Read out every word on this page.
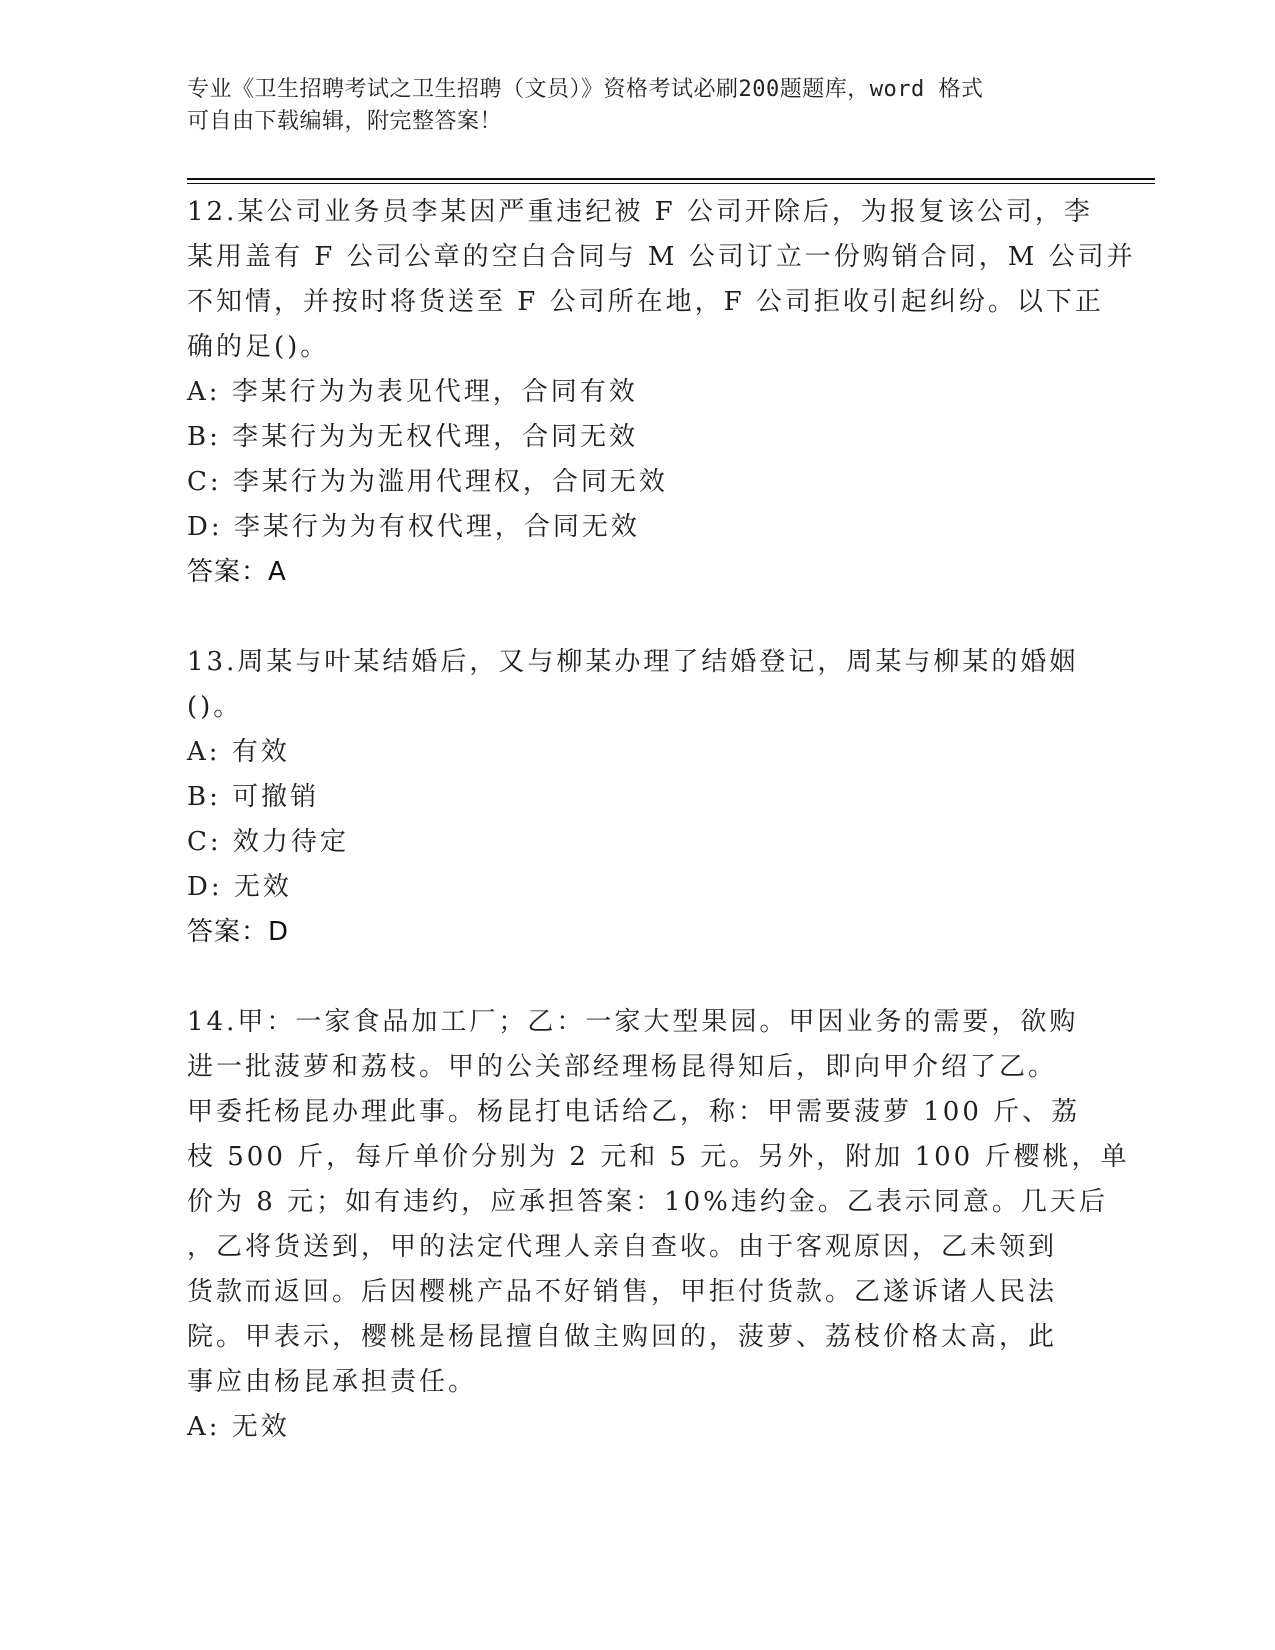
专业《卫生招聘考试之卫生招聘（文员）》资格考试必刷200题题库，word 格式
可自由下载编辑，附完整答案！
12.某公司业务员李某因严重违纪被 F 公司开除后，为报复该公司，李
某用盖有 F 公司公章的空白合同与 M 公司订立一份购销合同，M 公司并
不知情，并按时将货送至 F 公司所在地，F 公司拒收引起纠纷。以下正
确的足()。
A: 李某行为为表见代理，合同有效
B: 李某行为为无权代理，合同无效
C: 李某行为为滥用代理权，合同无效
D: 李某行为为有权代理，合同无效
答案：A
13.周某与叶某结婚后，又与柳某办理了结婚登记，周某与柳某的婚姻
()。
A: 有效
B: 可撤销
C: 效力待定
D: 无效
答案：D
14.甲：一家食品加工厂；乙：一家大型果园。甲因业务的需要，欲购
进一批菠萝和荔枝。甲的公关部经理杨昆得知后，即向甲介绍了乙。
甲委托杨昆办理此事。杨昆打电话给乙，称：甲需要菠萝 100 斤、荔
枝 500 斤，每斤单价分别为 2 元和 5 元。另外，附加 100 斤樱桃，单
价为 8 元；如有违约，应承担答案：10%违约金。乙表示同意。几天后
，乙将货送到，甲的法定代理人亲自查收。由于客观原因，乙未领到
货款而返回。后因樱桃产品不好销售，甲拒付货款。乙遂诉诸人民法
院。甲表示，樱桃是杨昆擅自做主购回的，菠萝、荔枝价格太高，此
事应由杨昆承担责任。
A: 无效
